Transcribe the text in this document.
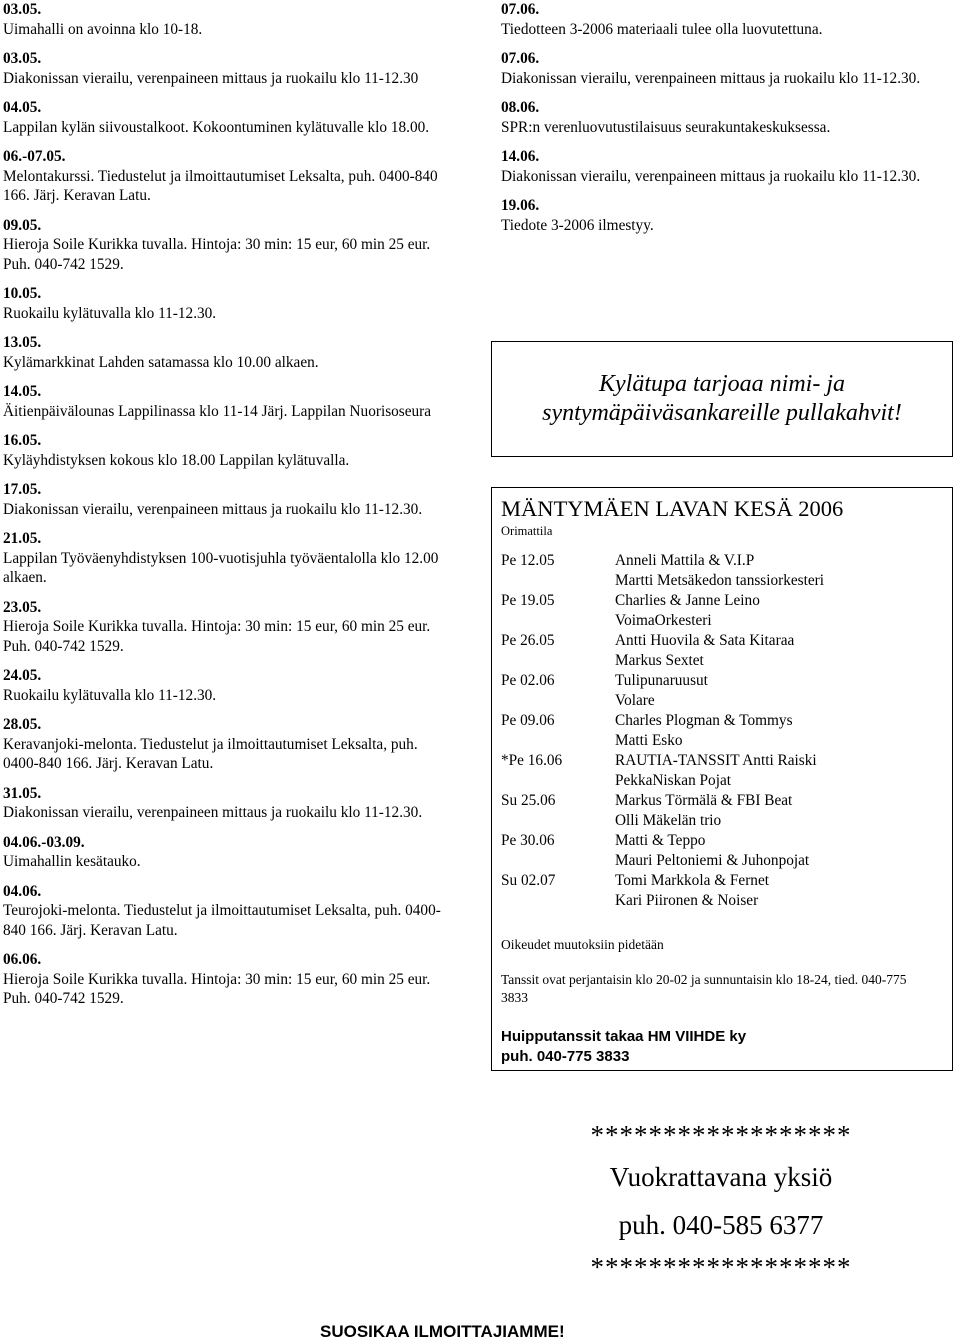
03.05.
Uimahalli on avoinna klo 10-18.
03.05.
Diakonissan vierailu, verenpaineen mittaus ja ruokailu klo 11-12.30
04.05.
Lappilan kylän siivoustalkoot. Kokoontuminen kylätuvalle klo 18.00.
06.-07.05.
Melontakurssi. Tiedustelut ja ilmoittautumiset Leksalta, puh. 0400-840 166. Järj. Keravan Latu.
09.05.
Hieroja Soile Kurikka tuvalla. Hintoja: 30 min: 15 eur, 60 min 25 eur. Puh. 040-742 1529.
10.05.
Ruokailu kylätuvalla klo 11-12.30.
13.05.
Kylämarkkinat Lahden satamassa klo 10.00 alkaen.
14.05.
Äitienpäivälounas Lappilinassa klo 11-14 Järj. Lappilan Nuorisoseura
16.05.
Kyläyhdistyksen kokous klo 18.00 Lappilan kylätuvalla.
17.05.
Diakonissan vierailu, verenpaineen mittaus ja ruokailu klo 11-12.30.
21.05.
Lappilan Työväenyhdistyksen 100-vuotisjuhla työväentalolla klo 12.00 alkaen.
23.05.
Hieroja Soile Kurikka tuvalla. Hintoja: 30 min: 15 eur, 60 min 25 eur. Puh. 040-742 1529.
24.05.
Ruokailu kylätuvalla klo 11-12.30.
28.05.
Keravanjoki-melonta. Tiedustelut ja ilmoittautumiset Leksalta, puh. 0400-840 166. Järj. Keravan Latu.
31.05.
Diakonissan vierailu, verenpaineen mittaus ja ruokailu klo 11-12.30.
04.06.-03.09.
Uimahallin kesätauko.
04.06.
Teurojoki-melonta. Tiedustelut ja ilmoittautumiset Leksalta, puh. 0400-840 166. Järj. Keravan Latu.
06.06.
Hieroja Soile Kurikka tuvalla. Hintoja: 30 min: 15 eur, 60 min 25 eur. Puh. 040-742 1529.
07.06.
Tiedotteen 3-2006 materiaali tulee olla luovutettuna.
07.06.
Diakonissan vierailu, verenpaineen mittaus ja ruokailu klo 11-12.30.
08.06.
SPR:n verenluovutustilaisuus seurakuntakeskuksessa.
14.06.
Diakonissan vierailu, verenpaineen mittaus ja ruokailu klo 11-12.30.
19.06.
Tiedote 3-2006 ilmestyy.
Kylätupa tarjoaa nimi- ja
syntymäpäiväsankareille pullakahvit!
MÄNTYMÄEN LAVAN KESÄ 2006
Orimattila
Pe 12.05	Anneli Mattila & V.I.P
Martti Metsäkedon tanssiorkesteri
Pe 19.05	Charlies & Janne Leino
VoimaOrkesteri
Pe 26.05	Antti Huovila & Sata Kitaraa
Markus Sextet
Pe 02.06	Tulipunaruusut
Volare
Pe 09.06	Charles Plogman & Tommys
Matti Esko
*Pe 16.06	RAUTIA-TANSSIT Antti Raiski
PekkaNiskan Pojat
Su 25.06	Markus Törmälä & FBI Beat
Olli Mäkelän trio
Pe 30.06	Matti & Teppo
Mauri Peltoniemi & Juhonpojat
Su 02.07	Tomi Markkola & Fernet
Kari Piironen & Noiser
Oikeudet muutoksiin pidetään
Tanssit ovat perjantaisin klo 20-02 ja sunnuntaisin klo 18-24, tied. 040-775 3833
Huipputanssit takaa HM VIIHDE ky
puh. 040-775 3833
******************
Vuokrattavana yksiö
puh. 040-585 6377
******************
SUOSIKAA ILMOITTAJIAMME!
